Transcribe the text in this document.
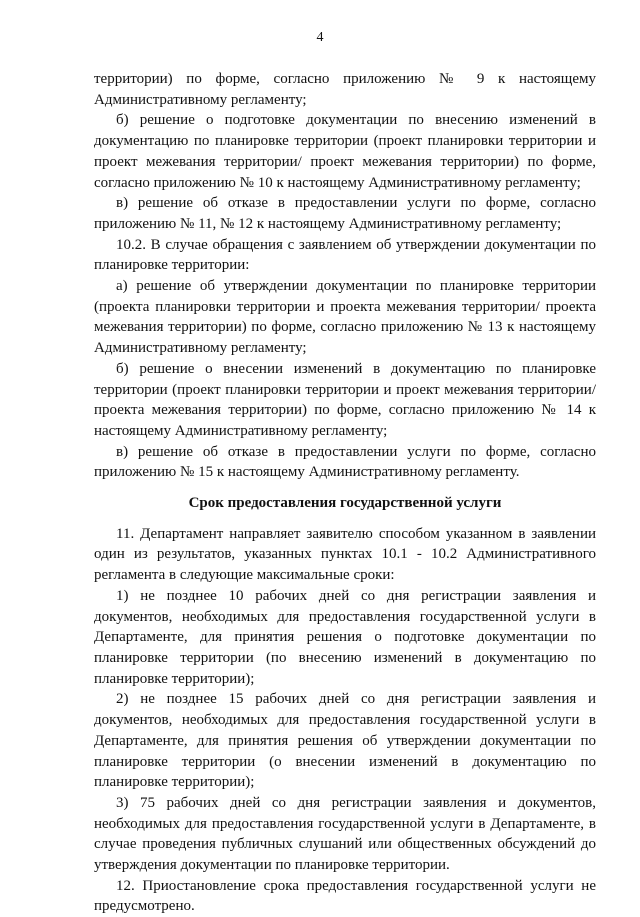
4

территории) по форме, согласно приложению № 9 к настоящему Административному регламенту;

б) решение о подготовке документации по внесению изменений в документацию по планировке территории (проект планировки территории и проект межевания территории/ проект межевания территории) по форме, согласно приложению № 10 к настоящему Административному регламенту;

в) решение об отказе в предоставлении услуги по форме, согласно приложению № 11, № 12 к настоящему Административному регламенту;

10.2. В случае обращения с заявлением об утверждении документации по планировке территории:

а) решение об утверждении документации по планировке территории (проекта планировки территории и проекта межевания территории/ проекта межевания территории) по форме, согласно приложению № 13 к настоящему Административному регламенту;

б) решение о внесении изменений в документацию по планировке территории (проект планировки территории и проект межевания территории/ проекта межевания территории) по форме, согласно приложению № 14 к настоящему Административному регламенту;

в) решение об отказе в предоставлении услуги по форме, согласно приложению № 15 к настоящему Административному регламенту.

Срок предоставления государственной услуги

11. Департамент направляет заявителю способом указанном в заявлении один из результатов, указанных пунктах 10.1 - 10.2 Административного регламента в следующие максимальные сроки:

1) не позднее 10 рабочих дней со дня регистрации заявления и документов, необходимых для предоставления государственной услуги в Департаменте, для принятия решения о подготовке документации по планировке территории (по внесению изменений в документацию по планировке территории);

2) не позднее 15 рабочих дней со дня регистрации заявления и документов, необходимых для предоставления государственной услуги в Департаменте, для принятия решения об утверждении документации по планировке территории (о внесении изменений в документацию по планировке территории);

3) 75 рабочих дней со дня регистрации заявления и документов, необходимых для предоставления государственной услуги в Департаменте, в случае проведения публичных слушаний или общественных обсуждений до утверждения документации по планировке территории.

12. Приостановление срока предоставления государственной услуги не предусмотрено.
